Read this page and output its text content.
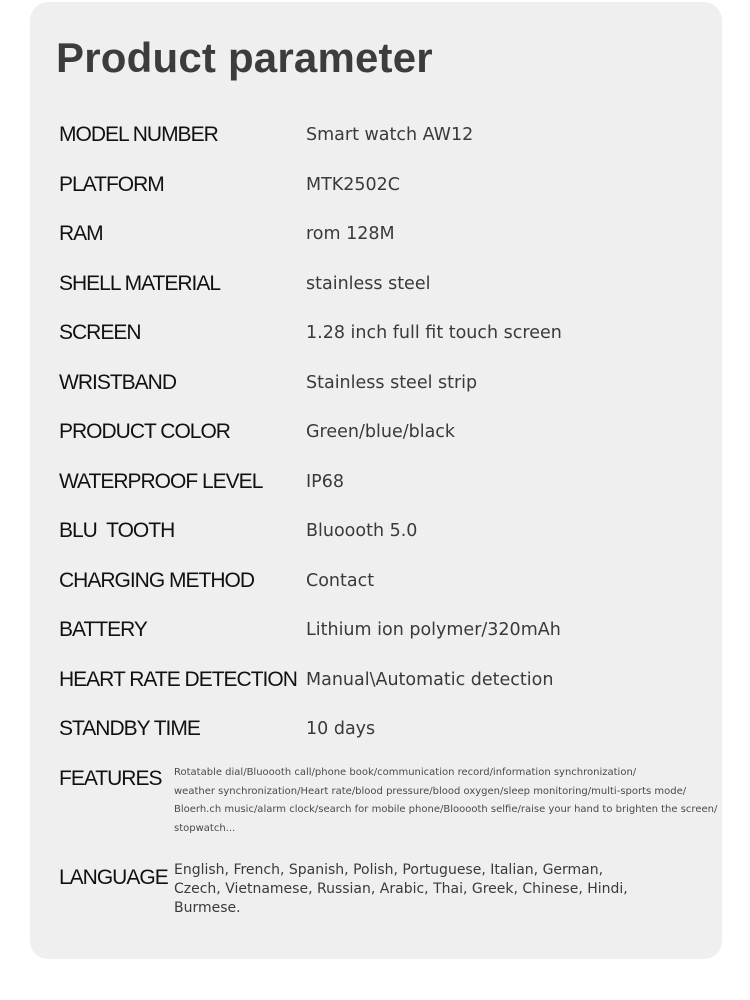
Product parameter
MODEL NUMBER	Smart watch AW12
PLATFORM	MTK2502C
RAM	rom 128M
SHELL MATERIAL	stainless steel
SCREEN	1.28 inch full fit touch screen
WRISTBAND	Stainless steel strip
PRODUCT COLOR	Green/blue/black
WATERPROOF LEVEL IP68
BLU  TOOTH	Bluoooth 5.0
CHARGING METHOD	Contact
BATTERY	Lithium ion polymer/320mAh
HEART RATE DETECTION Manual\Automatic detection
STANDBY TIME	10 days
FEATURES Rotatable dial/Bluoooth call/phone book/communication record/information synchronization/
weather synchronization/Heart rate/blood pressure/blood oxygen/sleep monitoring/multi-sports mode/
Bloerh.ch music/alarm clock/search for mobile phone/Blooooth selfie/raise your hand to brighten the screen/
stopwatch...
LANGUAGE English, French, Spanish, Polish, Portuguese, Italian, German,
Czech, Vietnamese, Russian, Arabic, Thai, Greek, Chinese, Hindi,
Burmese.
